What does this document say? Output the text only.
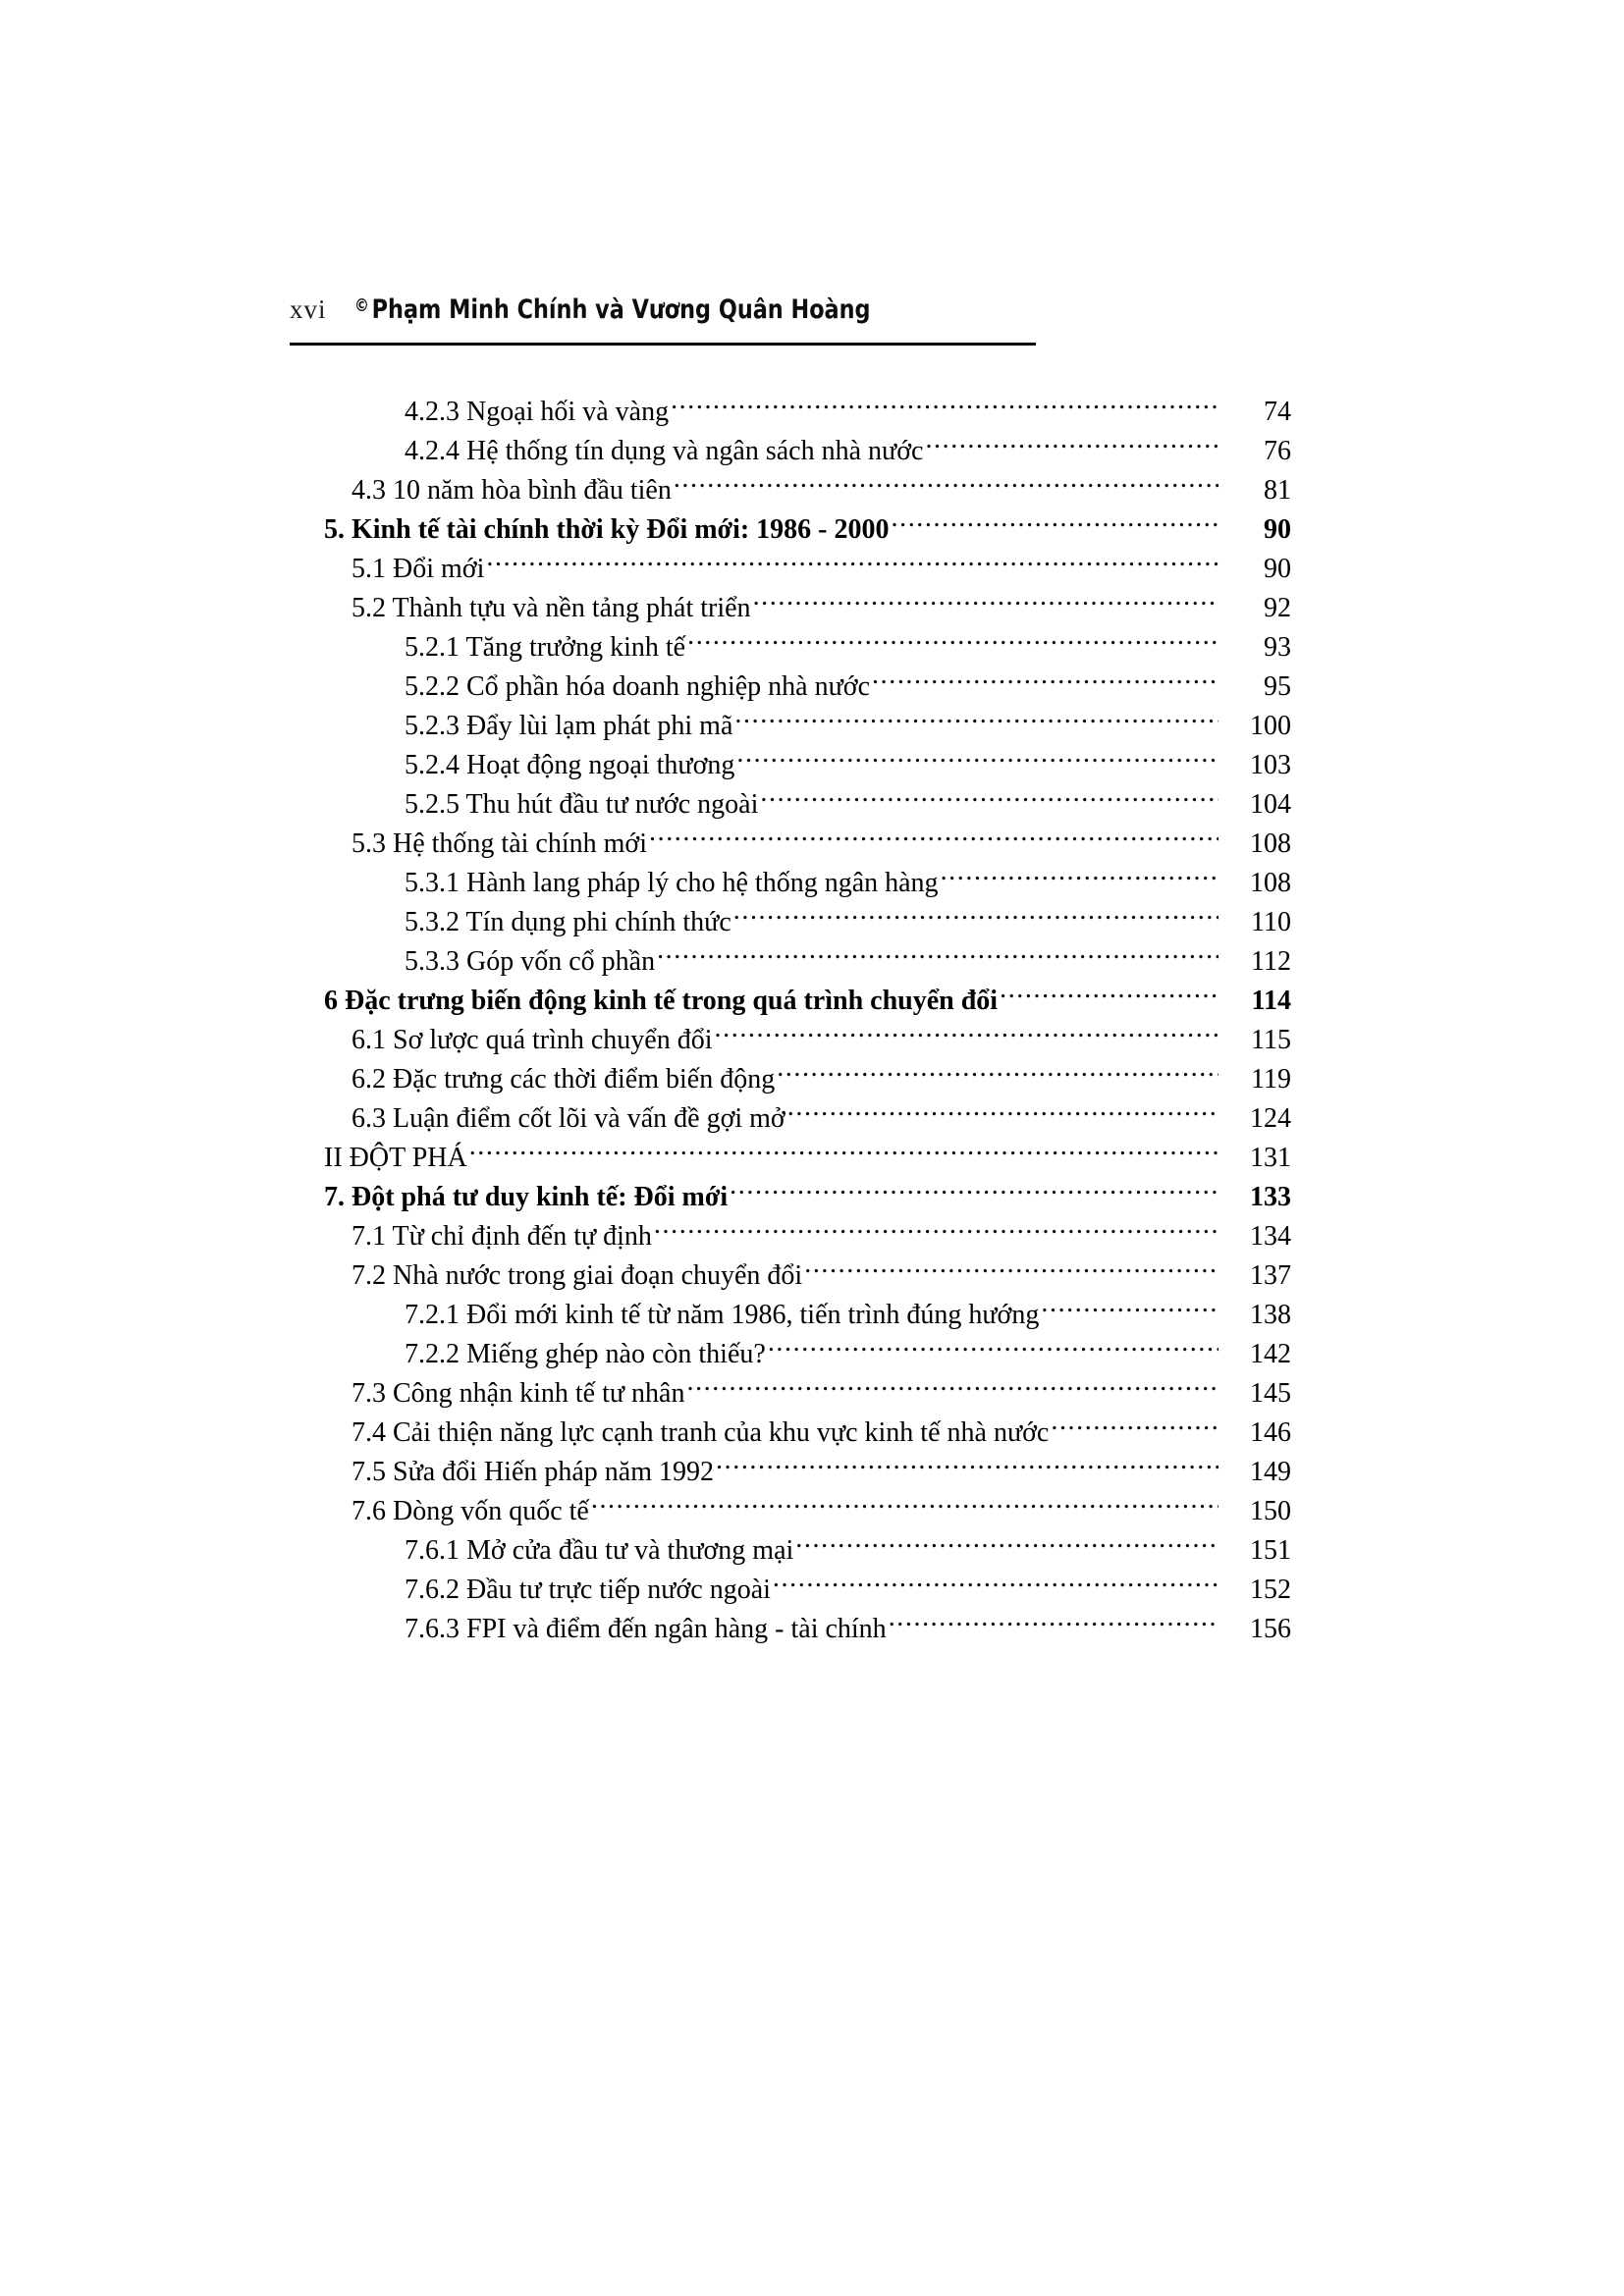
xvi © Phạm Minh Chính và Vương Quân Hoàng
4.2.3 Ngoại hối và vàng .....	74
4.2.4 Hệ thống tín dụng và ngân sách nhà nước .....	76
4.3 10 năm hòa bình đầu tiên .....	81
5. Kinh tế tài chính thời kỳ Đổi mới: 1986 - 2000 .....	90
5.1 Đổi mới .....	90
5.2 Thành tựu và nền tảng phát triển .....	92
5.2.1 Tăng trưởng kinh tế .....	93
5.2.2 Cổ phần hóa doanh nghiệp nhà nước .....	95
5.2.3 Đẩy lùi lạm phát phi mã .....	100
5.2.4 Hoạt động ngoại thương .....	103
5.2.5 Thu hút đầu tư nước ngoài .....	104
5.3 Hệ thống tài chính mới .....	108
5.3.1 Hành lang pháp lý cho hệ thống ngân hàng .....	108
5.3.2 Tín dụng phi chính thức .....	110
5.3.3 Góp vốn cổ phần .....	112
6 Đặc trưng biến động kinh tế trong quá trình chuyển đổi .....	114
6.1 Sơ lược quá trình chuyển đổi .....	115
6.2 Đặc trưng các thời điểm biến động .....	119
6.3 Luận điểm cốt lõi và vấn đề gợi mở .....	124
II ĐỘT PHÁ .....	131
7. Đột phá tư duy kinh tế: Đổi mới .....	133
7.1 Từ chỉ định đến tự định .....	134
7.2 Nhà nước trong giai đoạn chuyển đổi .....	137
7.2.1 Đổi mới kinh tế từ năm 1986, tiến trình đúng hướng .....	138
7.2.2 Miếng ghép nào còn thiếu? .....	142
7.3 Công nhận kinh tế tư nhân .....	145
7.4 Cải thiện năng lực cạnh tranh của khu vực kinh tế nhà nước .....	146
7.5 Sửa đổi Hiến pháp năm 1992 .....	149
7.6 Dòng vốn quốc tế .....	150
7.6.1 Mở cửa đầu tư và thương mại .....	151
7.6.2 Đầu tư trực tiếp nước ngoài .....	152
7.6.3 FPI và điểm đến ngân hàng - tài chính .....	156
